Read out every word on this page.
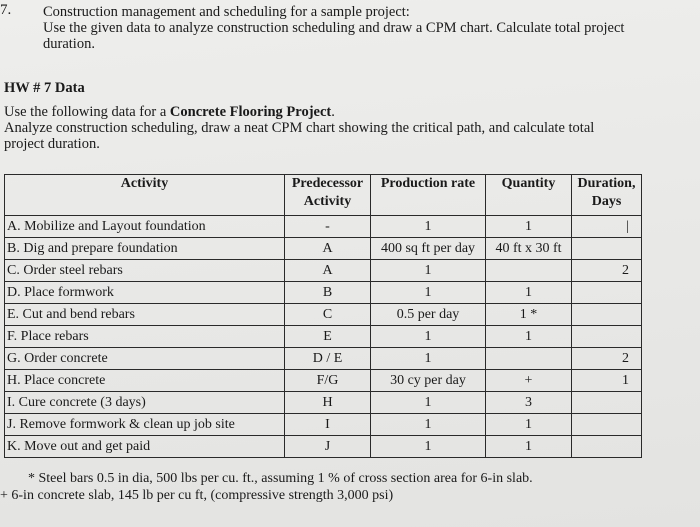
7. Construction management and scheduling for a sample project:
Use the given data to analyze construction scheduling and draw a CPM chart. Calculate total project
duration.
HW # 7 Data
Use the following data for a Concrete Flooring Project.
Analyze construction scheduling, draw a neat CPM chart showing the critical path, and calculate total
project duration.
Activity	Predecessor
Activity	Production rate	Quantity	Duration,
Days
A. Mobilize and Layout foundation	-	1	1	|
B. Dig and prepare foundation	A	400 sq ft per day	40 ft x 30 ft	
C. Order steel rebars	A	1		2
D. Place formwork	B	1	1	
E. Cut and bend rebars	C	0.5 per day	1 *	
F. Place rebars	E	1	1	
G. Order concrete	D / E	1		2
H. Place concrete	F/G	30 cy per day	+	1
I. Cure concrete (3 days)	H	1	3	
J. Remove formwork & clean up job site	I	1	1	
K. Move out and get paid	J	1	1	
* Steel bars 0.5 in dia, 500 lbs per cu. ft., assuming 1 % of cross section area for 6-in slab.
+ 6-in concrete slab, 145 lb per cu ft, (compressive strength 3,000 psi)
